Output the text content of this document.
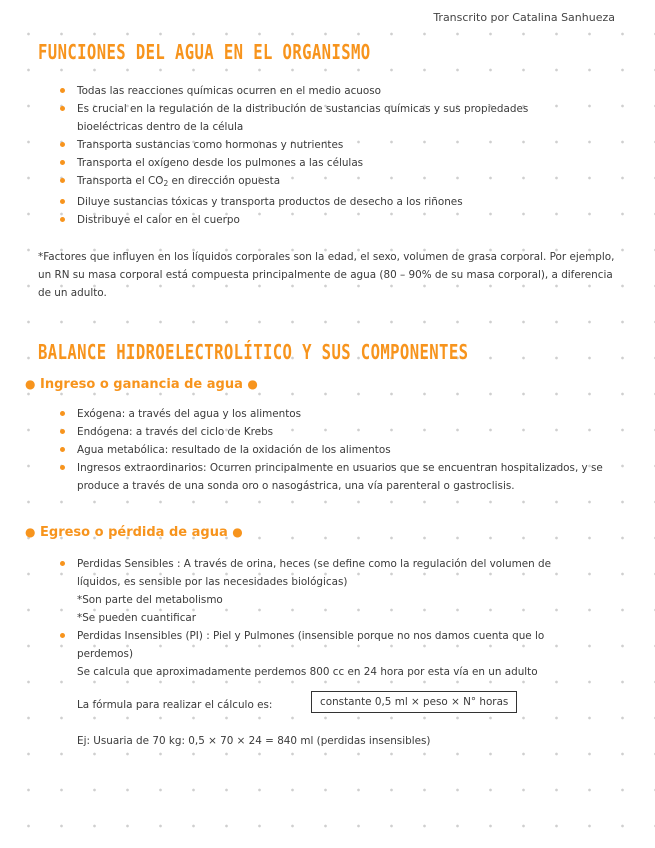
Transcrito por Catalina Sanhueza
FUNCIONES DEL AGUA EN EL ORGANISMO
Todas las reacciones químicas ocurren en el medio acuoso
Es crucial en la regulación de la distribución de sustancias químicas y sus propiedades bioeléctricas dentro de la célula
Transporta sustancias como hormonas y nutrientes
Transporta el oxígeno desde los pulmones a las células
Transporta el $CO_2$ en dirección opuesta
Diluye sustancias tóxicas y transporta productos de desecho a los riñones
Distribuye el calor en el cuerpo
*Factores que influyen en los líquidos corporales son la edad, el sexo, volumen de grasa corporal. Por ejemplo, un RN su masa corporal está compuesta principalmente de agua (80 – 90% de su masa corporal), a diferencia de un adulto.
BALANCE HIDROELECTROLÍTICO Y SUS COMPONENTES
● Ingreso o ganancia de agua ●
Exógena: a través del agua y los alimentos
Endógena: a través del ciclo de Krebs
Agua metabólica: resultado de la oxidación de los alimentos
Ingresos extraordinarios: Ocurren principalmente en usuarios que se encuentran hospitalizados, y se produce a través de una sonda oro o nasogástrica, una vía parenteral o gastroclisis.
● Egreso o pérdida de agua ●
Perdidas Sensibles : A través de orina, heces (se define como la regulación del volumen de líquidos, es sensible por las necesidades biológicas)
*Son parte del metabolismo
*Se pueden cuantificar
Perdidas Insensibles (PI) : Piel y Pulmones (insensible porque no nos damos cuenta que lo perdemos)
Se calcula que aproximadamente perdemos 800 cc en 24 hora por esta vía en un adulto
La fórmula para realizar el cálculo es:	constante 0,5 ml × peso × N° horas
Ej: Usuaria de 70 kg: 0,5 × 70 × 24 = 840 ml (perdidas insensibles)
